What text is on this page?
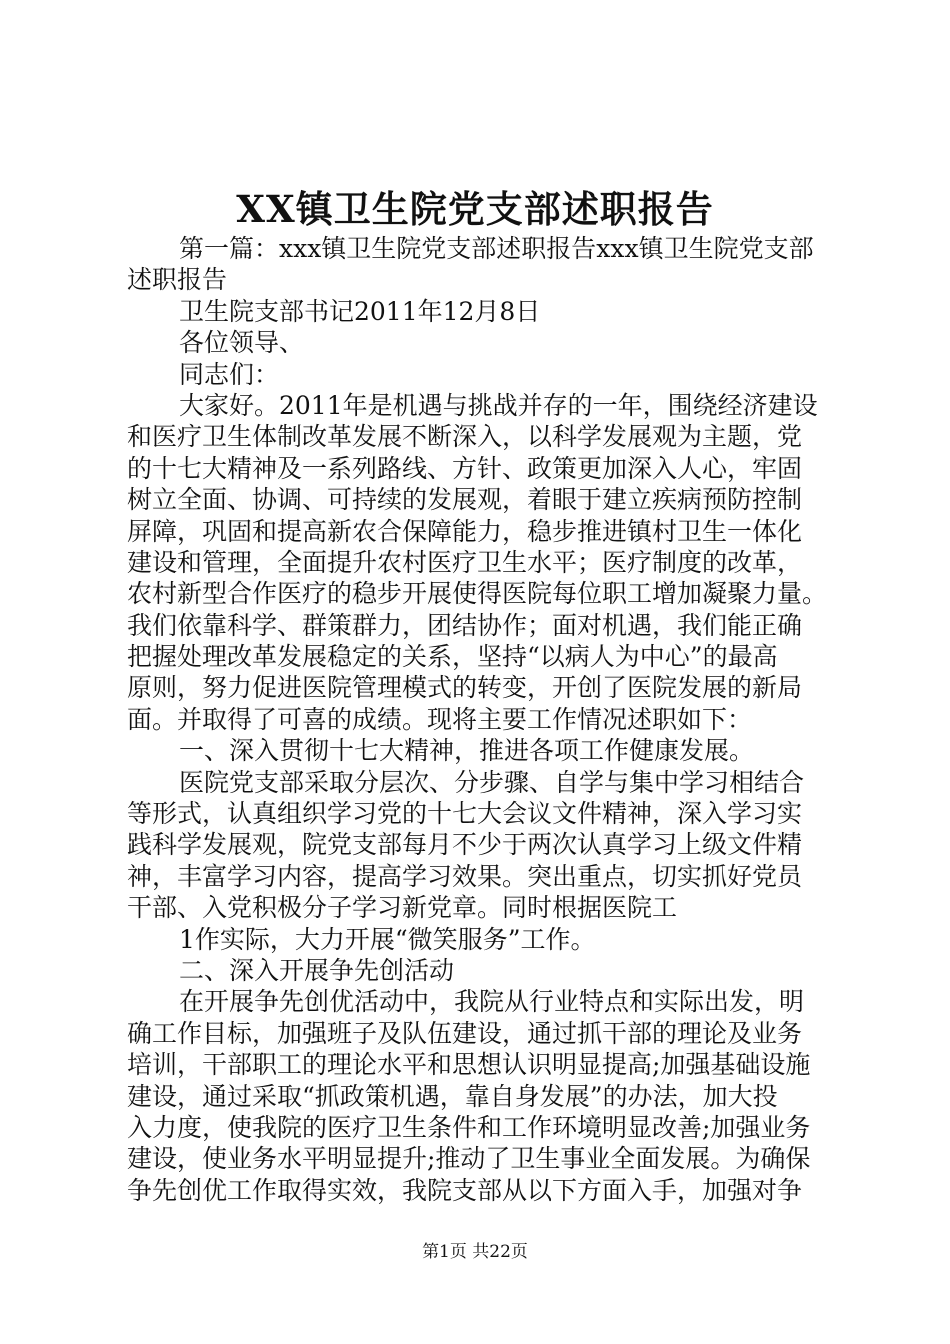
XX镇卫生院党支部述职报告
第一篇：xxx镇卫生院党支部述职报告xxx镇卫生院党支部
述职报告
卫生院支部书记2011年12月8日
各位领导、
同志们：
大家好。2011年是机遇与挑战并存的一年，围绕经济建设
和医疗卫生体制改革发展不断深入，以科学发展观为主题，党
的十七大精神及一系列路线、方针、政策更加深入人心，牢固
树立全面、协调、可持续的发展观，着眼于建立疾病预防控制
屏障，巩固和提高新农合保障能力，稳步推进镇村卫生一体化
建设和管理，全面提升农村医疗卫生水平；医疗制度的改革，
农村新型合作医疗的稳步开展使得医院每位职工增加凝聚力量。
我们依靠科学、群策群力，团结协作；面对机遇，我们能正确
把握处理改革发展稳定的关系，坚持“以病人为中心”的最高
原则，努力促进医院管理模式的转变，开创了医院发展的新局
面。并取得了可喜的成绩。现将主要工作情况述职如下：
一、深入贯彻十七大精神，推进各项工作健康发展。
医院党支部采取分层次、分步骤、自学与集中学习相结合
等形式，认真组织学习党的十七大会议文件精神，深入学习实
践科学发展观，院党支部每月不少于两次认真学习上级文件精
神，丰富学习内容，提高学习效果。突出重点，切实抓好党员
干部、入党积极分子学习新党章。同时根据医院工
1作实际，大力开展“微笑服务”工作。
二、深入开展争先创活动
在开展争先创优活动中，我院从行业特点和实际出发，明
确工作目标，加强班子及队伍建设，通过抓干部的理论及业务
培训，干部职工的理论水平和思想认识明显提高;加强基础设施
建设，通过采取“抓政策机遇，靠自身发展”的办法，加大投
入力度，使我院的医疗卫生条件和工作环境明显改善;加强业务
建设，使业务水平明显提升;推动了卫生事业全面发展。为确保
争先创优工作取得实效，我院支部从以下方面入手，加强对争
第1页 共22页
